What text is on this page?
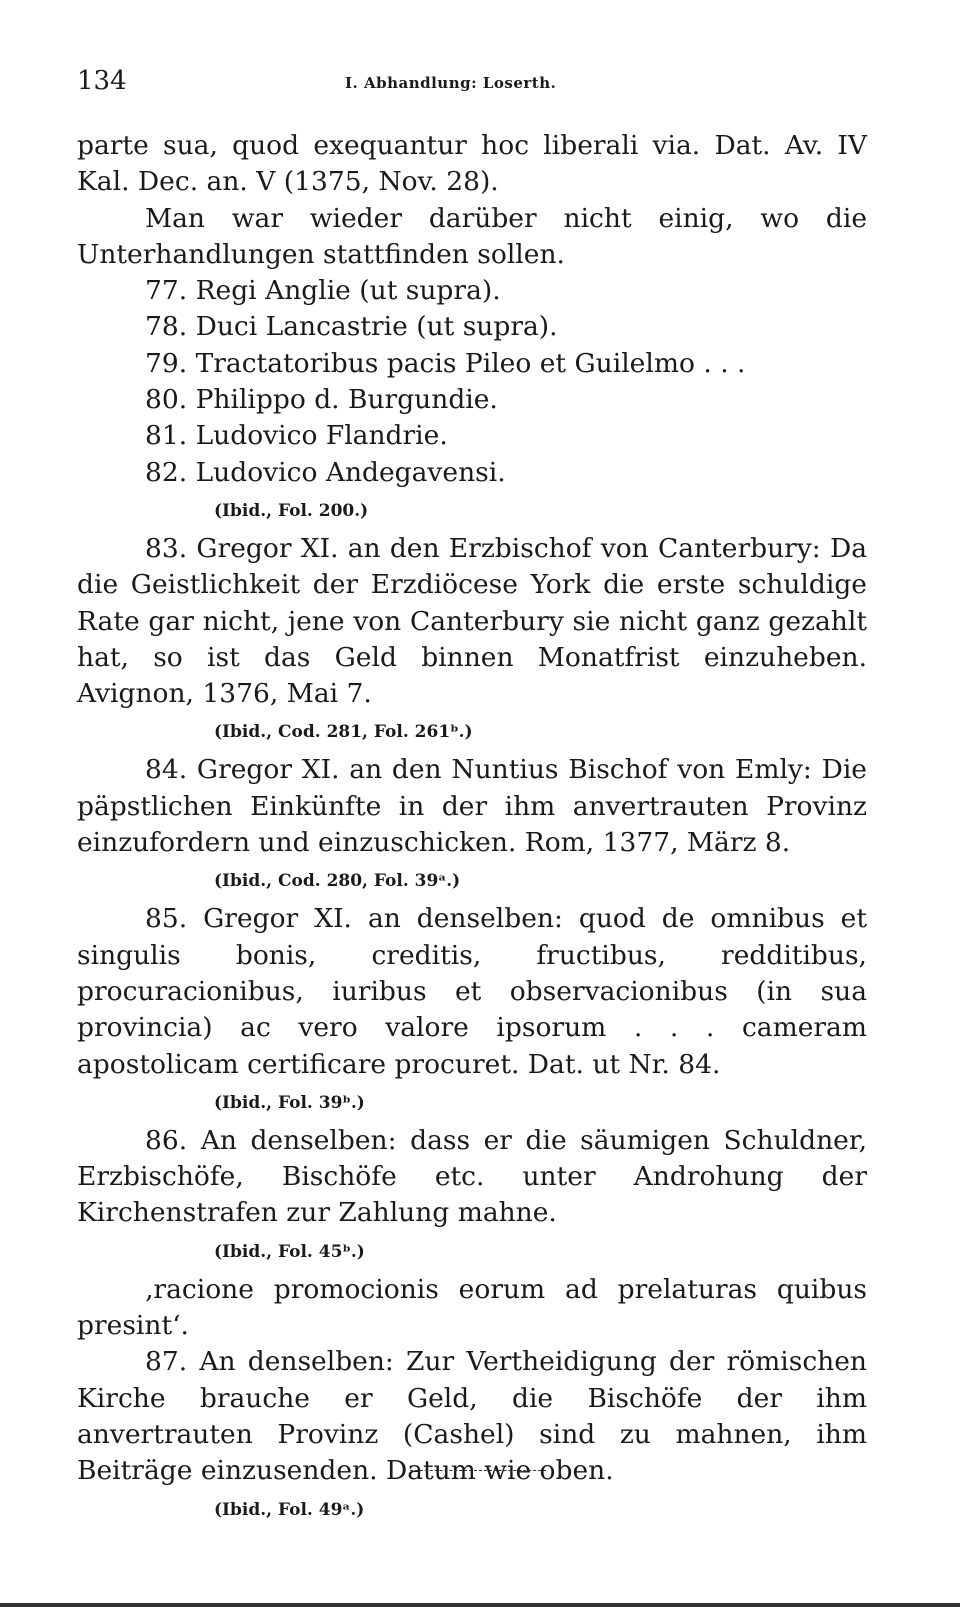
134	I. Abhandlung: Loserth.

parte sua, quod exequantur hoc liberali via. Dat. Av. IV Kal. Dec. an. V (1375, Nov. 28).

Man war wieder darüber nicht einig, wo die Unterhandlungen stattfinden sollen.

77. Regi Anglie (ut supra).

78. Duci Lancastrie (ut supra).

79. Tractatoribus pacis Pileo et Guilelmo . . .

80. Philippo d. Burgundie.

81. Ludovico Flandrie.

82. Ludovico Andegavensi.

(Ibid., Fol. 200.)

83. Gregor XI. an den Erzbischof von Canterbury: Da die Geistlichkeit der Erzdiöcese York die erste schuldige Rate gar nicht, jene von Canterbury sie nicht ganz gezahlt hat, so ist das Geld binnen Monatfrist einzuheben. Avignon, 1376, Mai 7.

(Ibid., Cod. 281, Fol. 261ᵇ.)

84. Gregor XI. an den Nuntius Bischof von Emly: Die päpstlichen Einkünfte in der ihm anvertrauten Provinz einzufordern und einzuschicken. Rom, 1377, März 8.

(Ibid., Cod. 280, Fol. 39ᵃ.)

85. Gregor XI. an denselben: quod de omnibus et singulis bonis, creditis, fructibus, redditibus, procuracionibus, iuribus et observacionibus (in sua provincia) ac vero valore ipsorum . . . cameram apostolicam certificare procuret. Dat. ut Nr. 84.

(Ibid., Fol. 39ᵇ.)

86. An denselben: dass er die säumigen Schuldner, Erzbischöfe, Bischöfe etc. unter Androhung der Kirchenstrafen zur Zahlung mahne.

(Ibid., Fol. 45ᵇ.)

‚racione promocionis eorum ad prelaturas quibus presint‘.

87. An denselben: Zur Vertheidigung der römischen Kirche brauche er Geld, die Bischöfe der ihm anvertrauten Provinz (Cashel) sind zu mahnen, ihm Beiträge einzusenden. Datum wie oben.

(Ibid., Fol. 49ᵃ.)
